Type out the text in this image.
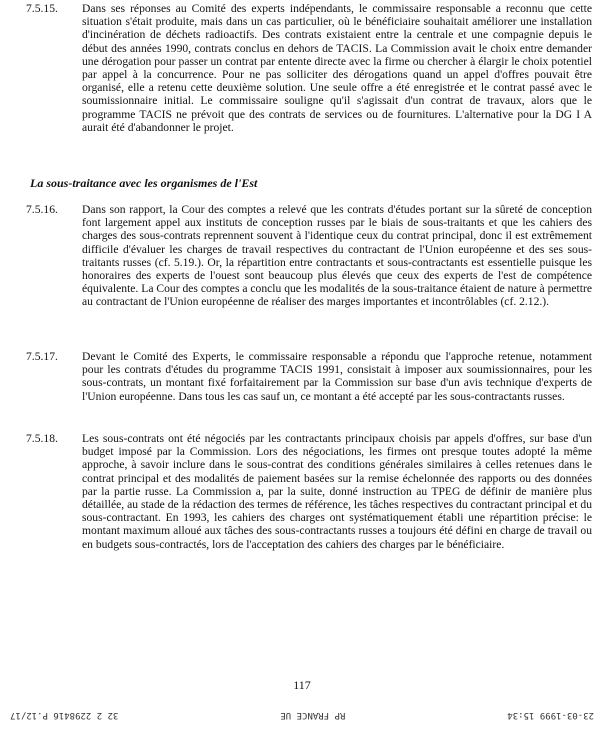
7.5.15. Dans ses réponses au Comité des experts indépendants, le commissaire responsable a reconnu que cette situation s'était produite, mais dans un cas particulier, où le bénéficiaire souhaitait améliorer une installation d'incinération de déchets radioactifs. Des contrats existaient entre la centrale et une compagnie depuis le début des années 1990, contrats conclus en dehors de TACIS. La Commission avait le choix entre demander une dérogation pour passer un contrat par entente directe avec la firme ou chercher à élargir le choix potentiel par appel à la concurrence. Pour ne pas solliciter des dérogations quand un appel d'offres pouvait être organisé, elle a retenu cette deuxième solution. Une seule offre a été enregistrée et le contrat passé avec le soumissionnaire initial. Le commissaire souligne qu'il s'agissait d'un contrat de travaux, alors que le programme TACIS ne prévoit que des contrats de services ou de fournitures. L'alternative pour la DG I A aurait été d'abandonner le projet.
La sous-traitance avec les organismes de l'Est
7.5.16. Dans son rapport, la Cour des comptes a relevé que les contrats d'études portant sur la sûreté de conception font largement appel aux instituts de conception russes par le biais de sous-traitants et que les cahiers des charges des sous-contrats reprennent souvent à l'identique ceux du contrat principal, donc il est extrêmement difficile d'évaluer les charges de travail respectives du contractant de l'Union européenne et des ses sous-traitants russes (cf. 5.19.). Or, la répartition entre contractants et sous-contractants est essentielle puisque les honoraires des experts de l'ouest sont beaucoup plus élevés que ceux des experts de l'est de compétence équivalente. La Cour des comptes a conclu que les modalités de la sous-traitance étaient de nature à permettre au contractant de l'Union européenne de réaliser des marges importantes et incontrôlables (cf. 2.12.).
7.5.17. Devant le Comité des Experts, le commissaire responsable a répondu que l'approche retenue, notamment pour les contrats d'études du programme TACIS 1991, consistait à imposer aux soumissionnaires, pour les sous-contrats, un montant fixé forfaitairement par la Commission sur base d'un avis technique d'experts de l'Union européenne. Dans tous les cas sauf un, ce montant a été accepté par les sous-contractants russes.
7.5.18. Les sous-contrats ont été négociés par les contractants principaux choisis par appels d'offres, sur base d'un budget imposé par la Commission. Lors des négociations, les firmes ont presque toutes adopté la même approche, à savoir inclure dans le sous-contrat des conditions générales similaires à celles retenues dans le contrat principal et des modalités de paiement basées sur la remise échelonnée des rapports ou des données par la partie russe. La Commission a, par la suite, donné instruction au TPEG de définir de manière plus détaillée, au stade de la rédaction des termes de référence, les tâches respectives du contractant principal et du sous-contractant. En 1993, les cahiers des charges ont systématiquement établi une répartition précise: le montant maximum alloué aux tâches des sous-contractants russes a toujours été défini en charge de travail ou en budgets sous-contractés, lors de l'acceptation des cahiers des charges par le bénéficiaire.
117
23-03-1999 15:34
RP FRANCE UE
32 2 2298416 P.12/17
